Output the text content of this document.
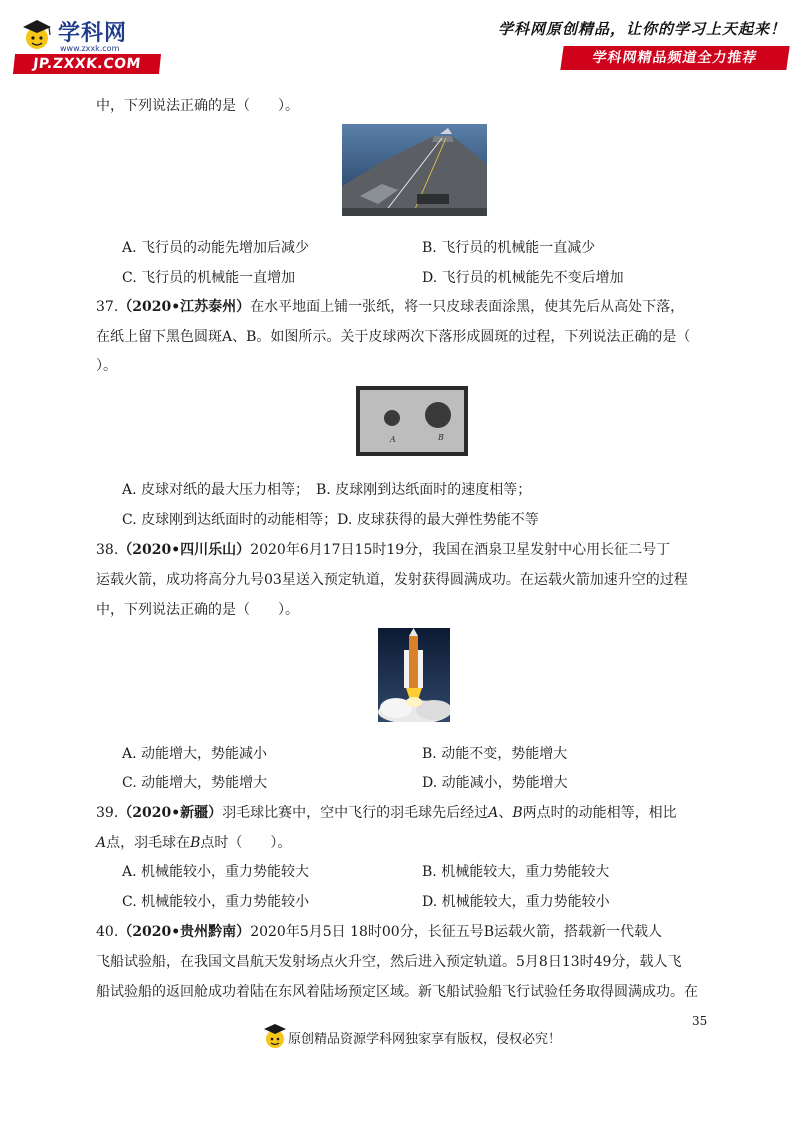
学科网
www.zxxk.com
JP.ZXXK.COM
学科网原创精品，让你的学习上天起来！
学科网精品频道全力推荐
中，下列说法正确的是（　　）。
A. 飞行员的动能先增加后减少	B. 飞行员的机械能一直减少
C. 飞行员的机械能一直增加	D. 飞行员的机械能先不变后增加
37.（2020•江苏泰州）在水平地面上铺一张纸，将一只皮球表面涂黑，使其先后从高处下落，
在纸上留下黑色圆斑A、B。如图所示。关于皮球两次下落形成圆斑的过程，下列说法正确的是（
）。
A	B
A. 皮球对纸的最大压力相等；　B. 皮球刚到达纸面时的速度相等；
C. 皮球刚到达纸面时的动能相等；D. 皮球获得的最大弹性势能不等
38.（2020•四川乐山）2020年6月17日15时19分，我国在酒泉卫星发射中心用长征二号丁
运载火箭，成功将高分九号03星送入预定轨道，发射获得圆满成功。在运载火箭加速升空的过程
中，下列说法正确的是（　　）。
A. 动能增大，势能减小	B. 动能不变，势能增大
C. 动能增大，势能增大	D. 动能减小，势能增大
39.（2020•新疆）羽毛球比赛中，空中飞行的羽毛球先后经过A、B两点时的动能相等，相比
A点，羽毛球在B点时（　　）。
A. 机械能较小，重力势能较大	B. 机械能较大，重力势能较大
C. 机械能较小，重力势能较小	D. 机械能较大，重力势能较小
40.（2020•贵州黔南）2020年5月5日 18时00分，长征五号B运载火箭，搭载新一代载人
飞船试验船，在我国文昌航天发射场点火升空，然后进入预定轨道。5月8日13时49分，载人飞
船试验船的返回舱成功着陆在东风着陆场预定区域。新飞船试验船飞行试验任务取得圆满成功。在
35
原创精品资源学科网独家享有版权，侵权必究！
